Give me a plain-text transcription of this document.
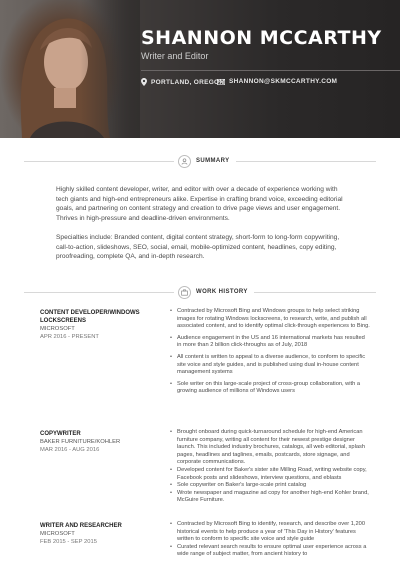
SHANNON MCCARTHY
Writer and Editor
PORTLAND, OREGON SHANNON@SKMCCARTHY.COM
SUMMARY
Highly skilled content developer, writer, and editor with over a decade of experience working with tech giants and high-end entrepreneurs alike. Expertise in crafting brand voice, exceeding editorial goals, and partnering on content strategy and creation to drive page views and user engagement. Thrives in high-pressure and deadline-driven environments.
Specialties include: Branded content, digital content strategy, short-form to long-form copywriting, call-to-action, slideshows, SEO, social, email, mobile-optimized content, headlines, copy editing, proofreading, complete QA, and in-depth research.
WORK HISTORY
CONTENT DEVELOPER/WINDOWS LOCKSCREENS
MICROSOFT
APR 2016 - PRESENT
• Contracted by Microsoft Bing and Windows groups to help select striking images for rotating Windows lockscreens, to research, write, and publish all associated content, and to identify optimal click-through experiences to Bing.
• Audience engagement in the US and 16 international markets has resulted in more than 2 billion click-throughs as of July, 2018
• All content is written to appeal to a diverse audience, to conform to specific site voice and style guides, and is published using dual in-house content management systems
• Sole writer on this large-scale project of cross-group collaboration, with a growing audience of millions of Windows users
COPYWRITER
BAKER FURNITURE/KOHLER
MAR 2016 - AUG 2016
• Brought onboard during quick-turnaround schedule for high-end American furniture company, writing all content for their newest prestige designer launch. This included industry brochures, catalogs, all web editorial, splash pages, headlines and taglines, emails, postcards, store signage, and corporate communications.
• Developed content for Baker's sister site Milling Road, writing website copy, Facebook posts and slideshows, interview questions, and eblasts
• Sole copywriter on Baker's large-scale print catalog
• Wrote newspaper and magazine ad copy for another high-end Kohler brand, McGuire Furniture.
WRITER AND RESEARCHER
MICROSOFT
FEB 2015 - SEP 2015
• Contracted by Microsoft Bing to identify, research, and describe over 1,200 historical events to help produce a year of 'This Day in History' features written to conform to specific site voice and style guide
• Curated relevant search results to ensure optimal user experience across a wide range of subject matter, from ancient history to
